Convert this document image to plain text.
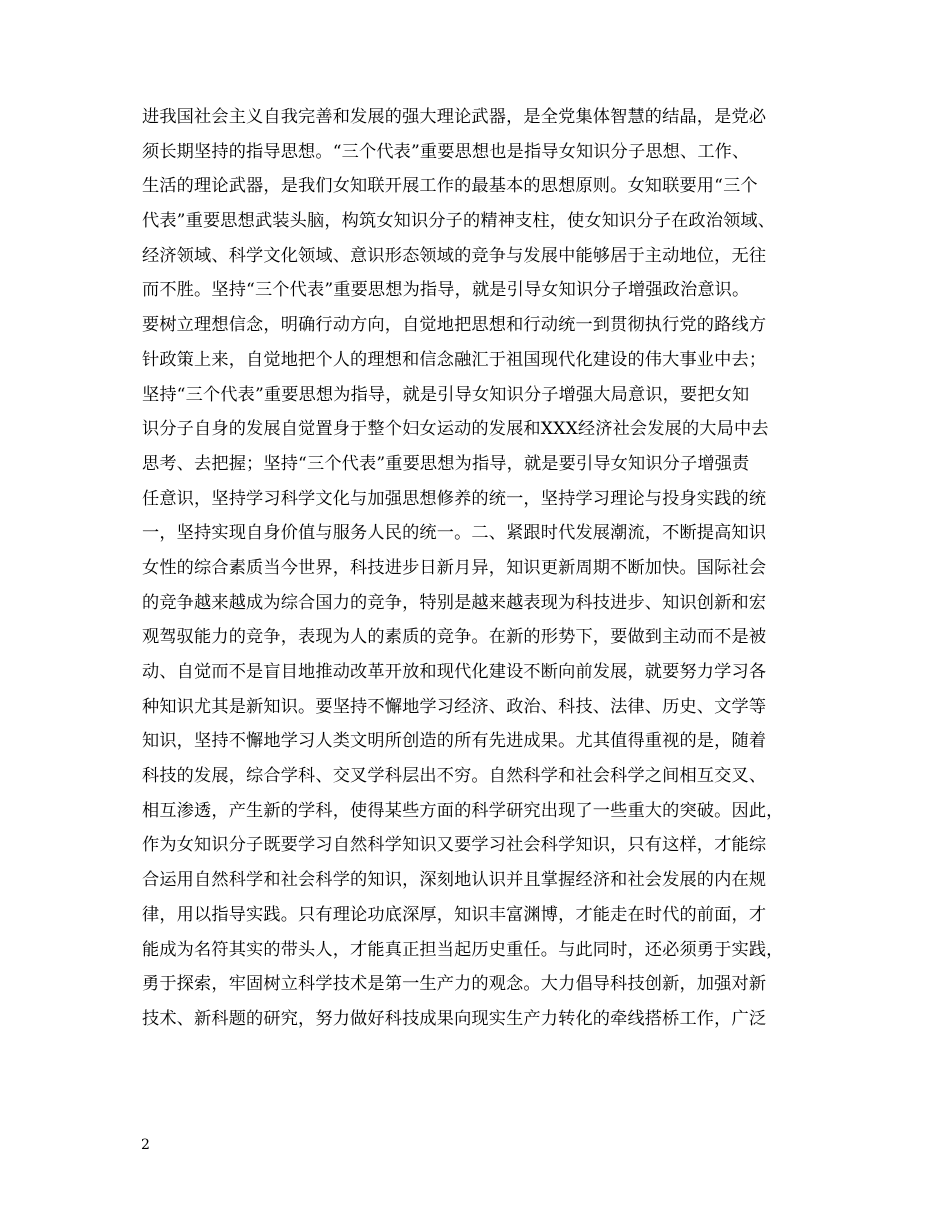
进我国社会主义自我完善和发展的强大理论武器，是全党集体智慧的结晶，是党必
须长期坚持的指导思想。“三个代表”重要思想也是指导女知识分子思想、工作、
生活的理论武器，是我们女知联开展工作的最基本的思想原则。女知联要用“三个
代表”重要思想武装头脑，构筑女知识分子的精神支柱，使女知识分子在政治领域、
经济领域、科学文化领域、意识形态领域的竞争与发展中能够居于主动地位，无往
而不胜。坚持“三个代表”重要思想为指导，就是引导女知识分子增强政治意识。
要树立理想信念，明确行动方向，自觉地把思想和行动统一到贯彻执行党的路线方
针政策上来，自觉地把个人的理想和信念融汇于祖国现代化建设的伟大事业中去；
坚持“三个代表”重要思想为指导，就是引导女知识分子增强大局意识，要把女知
识分子自身的发展自觉置身于整个妇女运动的发展和XXX经济社会发展的大局中去
思考、去把握；坚持“三个代表”重要思想为指导，就是要引导女知识分子增强责
任意识，坚持学习科学文化与加强思想修养的统一，坚持学习理论与投身实践的统
一，坚持实现自身价值与服务人民的统一。二、紧跟时代发展潮流，不断提高知识
女性的综合素质当今世界，科技进步日新月异，知识更新周期不断加快。国际社会
的竞争越来越成为综合国力的竞争，特别是越来越表现为科技进步、知识创新和宏
观驾驭能力的竞争，表现为人的素质的竞争。在新的形势下，要做到主动而不是被
动、自觉而不是盲目地推动改革开放和现代化建设不断向前发展，就要努力学习各
种知识尤其是新知识。要坚持不懈地学习经济、政治、科技、法律、历史、文学等
知识，坚持不懈地学习人类文明所创造的所有先进成果。尤其值得重视的是，随着
科技的发展，综合学科、交叉学科层出不穷。自然科学和社会科学之间相互交叉、
相互渗透，产生新的学科，使得某些方面的科学研究出现了一些重大的突破。因此，
作为女知识分子既要学习自然科学知识又要学习社会科学知识，只有这样，才能综
合运用自然科学和社会科学的知识，深刻地认识并且掌握经济和社会发展的内在规
律，用以指导实践。只有理论功底深厚，知识丰富渊博，才能走在时代的前面，才
能成为名符其实的带头人，才能真正担当起历史重任。与此同时，还必须勇于实践，
勇于探索，牢固树立科学技术是第一生产力的观念。大力倡导科技创新，加强对新
技术、新科题的研究，努力做好科技成果向现实生产力转化的牵线搭桥工作，广泛
2
